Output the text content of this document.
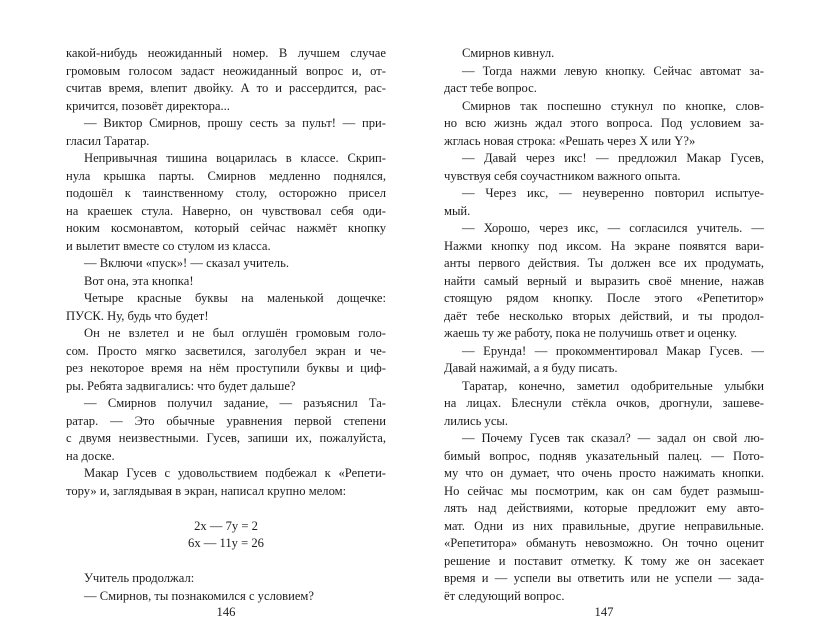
какой-нибудь неожиданный номер. В лучшем случае
громовым голосом задаст неожиданный вопрос и, от-
считав время, влепит двойку. А то и рассердится, рас-
кричится, позовёт директора...
— Виктор Смирнов, прошу сесть за пульт! — при-
гласил Таратар.
Непривычная тишина воцарилась в классе. Скрип-
нула крышка парты. Смирнов медленно поднялся,
подошёл к таинственному столу, осторожно присел
на краешек стула. Наверно, он чувствовал себя оди-
ноким космонавтом, который сейчас нажмёт кнопку
и вылетит вместе со стулом из класса.
— Включи «пуск»! — сказал учитель.
Вот она, эта кнопка!
Четыре красные буквы на маленькой дощечке:
ПУСК. Ну, будь что будет!
Он не взлетел и не был оглушён громовым голо-
сом. Просто мягко засветился, заголубел экран и че-
рез некоторое время на нём проступили буквы и циф-
ры. Ребята задвигались: что будет дальше?
— Смирнов получил задание, — разъяснил Та-
ратар. — Это обычные уравнения первой степени
с двумя неизвестными. Гусев, запиши их, пожалуйста,
на доске.
Макар Гусев с удовольствием подбежал к «Репети-
тору» и, заглядывая в экран, написал крупно мелом:

2х — 7у = 2
6х — 11у = 26

Учитель продолжал:
— Смирнов, ты познакомился с условием?
Смирнов кивнул.
— Тогда нажми левую кнопку. Сейчас автомат за-
даст тебе вопрос.
Смирнов так поспешно стукнул по кнопке, слов-
но всю жизнь ждал этого вопроса. Под условием за-
жглась новая строка: «Решать через X или Y?»
— Давай через икс! — предложил Макар Гусев,
чувствуя себя соучастником важного опыта.
— Через икс, — неуверенно повторил испытуе-
мый.
— Хорошо, через икс, — согласился учитель. —
Нажми кнопку под иксом. На экране появятся вари-
анты первого действия. Ты должен все их продумать,
найти самый верный и выразить своё мнение, нажав
стоящую рядом кнопку. После этого «Репетитор»
даёт тебе несколько вторых действий, и ты продол-
жаешь ту же работу, пока не получишь ответ и оценку.
— Ерунда! — прокомментировал Макар Гусев. —
Давай нажимай, а я буду писать.
Таратар, конечно, заметил одобрительные улыбки
на лицах. Блеснули стёкла очков, дрогнули, зашеве-
лились усы.
— Почему Гусев так сказал? — задал он свой лю-
бимый вопрос, подняв указательный палец. — Пото-
му что он думает, что очень просто нажимать кнопки.
Но сейчас мы посмотрим, как он сам будет размыш-
лять над действиями, которые предложит ему авто-
мат. Одни из них правильные, другие неправильные.
«Репетитора» обмануть невозможно. Он точно оценит
решение и поставит отметку. К тому же он засекает
время и — успели вы ответить или не успели — зада-
ёт следующий вопрос.
146	147
